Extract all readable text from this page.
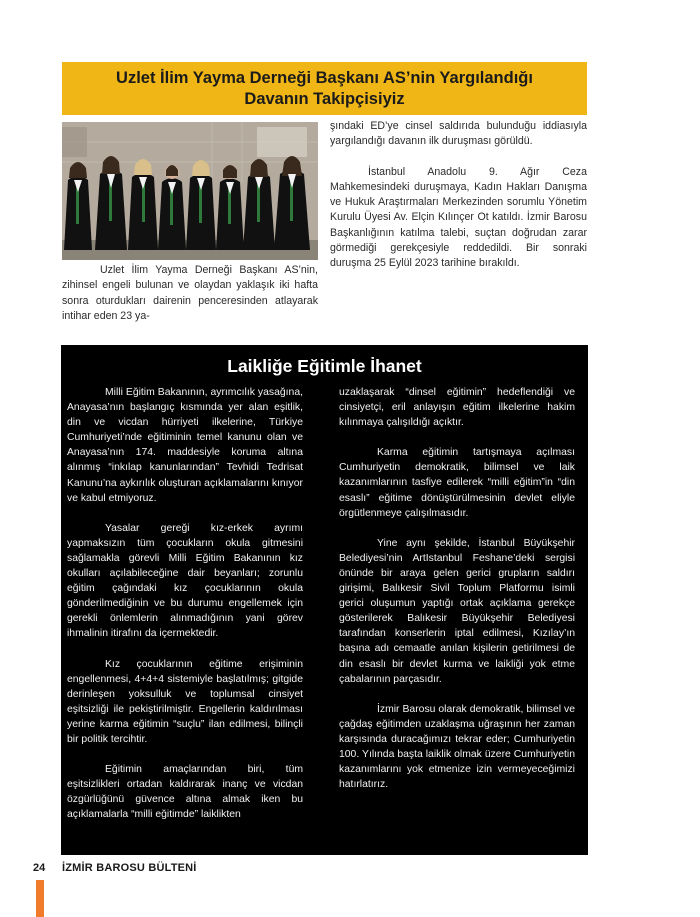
Uzlet İlim Yayma Derneği Başkanı AS’nin Yargılandığı Davanın Takipçisiyiz

Uzlet İlim Yayma Derneği Başkanı AS’nin, zihinsel engeli bulunan ve olaydan yaklaşık iki hafta sonra oturdukları dairenin penceresinden atlayarak intihar eden 23 ya-

şındaki ED’ye cinsel saldırıda bulunduğu iddiasıyla yargılandığı davanın ilk duruşması görüldü.

İstanbul Anadolu 9. Ağır Ceza Mahkemesindeki duruşmaya, Kadın Hakları Danışma ve Hukuk Araştırmaları Merkezinden sorumlu Yönetim Kurulu Üyesi Av. Elçin Kılınçer Ot katıldı. İzmir Barosu Başkanlığının katılma talebi, suçtan doğrudan zarar görmediği gerekçesiyle reddedildi. Bir sonraki duruşma 25 Eylül 2023 tarihine bırakıldı.

Laikliğe Eğitimle İhanet

Milli Eğitim Bakanının, ayrımcılık yasağına, Anayasa’nın başlangıç kısmında yer alan eşitlik, din ve vicdan hürriyeti ilkelerine, Türkiye Cumhuriyeti’nde eğitiminin temel kanunu olan ve Anayasa’nın 174. maddesiyle koruma altına alınmış “inkılap kanunlarından” Tevhidi Tedrisat Kanunu’na aykırılık oluşturan açıklamalarını kınıyor ve kabul etmiyoruz.

Yasalar gereği kız-erkek ayrımı yapmaksızın tüm çocukların okula gitmesini sağlamakla görevli Milli Eğitim Bakanının kız okulları açılabileceğine dair beyanları; zorunlu eğitim çağındaki kız çocuklarının okula gönderilmediğinin ve bu durumu engellemek için gerekli önlemlerin alınmadığının yani görev ihmalinin itirafını da içermektedir.

Kız çocuklarının eğitime erişiminin engellenmesi, 4+4+4 sistemiyle başlatılmış; gitgide derinleşen yoksulluk ve toplumsal cinsiyet eşitsizliği ile pekiştirilmiştir. Engellerin kaldırılması yerine karma eğitimin “suçlu” ilan edilmesi, bilinçli bir politik tercihtir.

Eğitimin amaçlarından biri, tüm eşitsizlikleri ortadan kaldırarak inanç ve vicdan özgürlüğünü güvence altına almak iken bu açıklamalarla “milli eğitimde” laiklikten

uzaklaşarak “dinsel eğitimin” hedeflendiği ve cinsiyetçi, eril anlayışın eğitim ilkelerine hakim kılınmaya çalışıldığı açıktır.

Karma eğitimin tartışmaya açılması Cumhuriyetin demokratik, bilimsel ve laik kazanımlarının tasfiye edilerek “milli eğitim”in “din esaslı” eğitime dönüştürülmesinin devlet eliyle örgütlenmeye çalışılmasıdır.

Yine aynı şekilde, İstanbul Büyükşehir Belediyesi’nin ArtIstanbul Feshane’deki sergisi önünde bir araya gelen gerici grupların saldırı girişimi, Balıkesir Sivil Toplum Platformu isimli gerici oluşumun yaptığı ortak açıklama gerekçe gösterilerek Balıkesir Büyükşehir Belediyesi tarafından konserlerin iptal edilmesi, Kızılay’ın başına adı cemaatle anılan kişilerin getirilmesi de din esaslı bir devlet kurma ve laikliği yok etme çabalarının parçasıdır.

İzmir Barosu olarak demokratik, bilimsel ve çağdaş eğitimden uzaklaşma uğraşının her zaman karşısında duracağımızı tekrar eder; Cumhuriyetin 100. Yılında başta laiklik olmak üzere Cumhuriyetin kazanımlarını yok etmenize izin vermeyeceğimizi hatırlatırız.

24 İZMİR BAROSU BÜLTENİ
